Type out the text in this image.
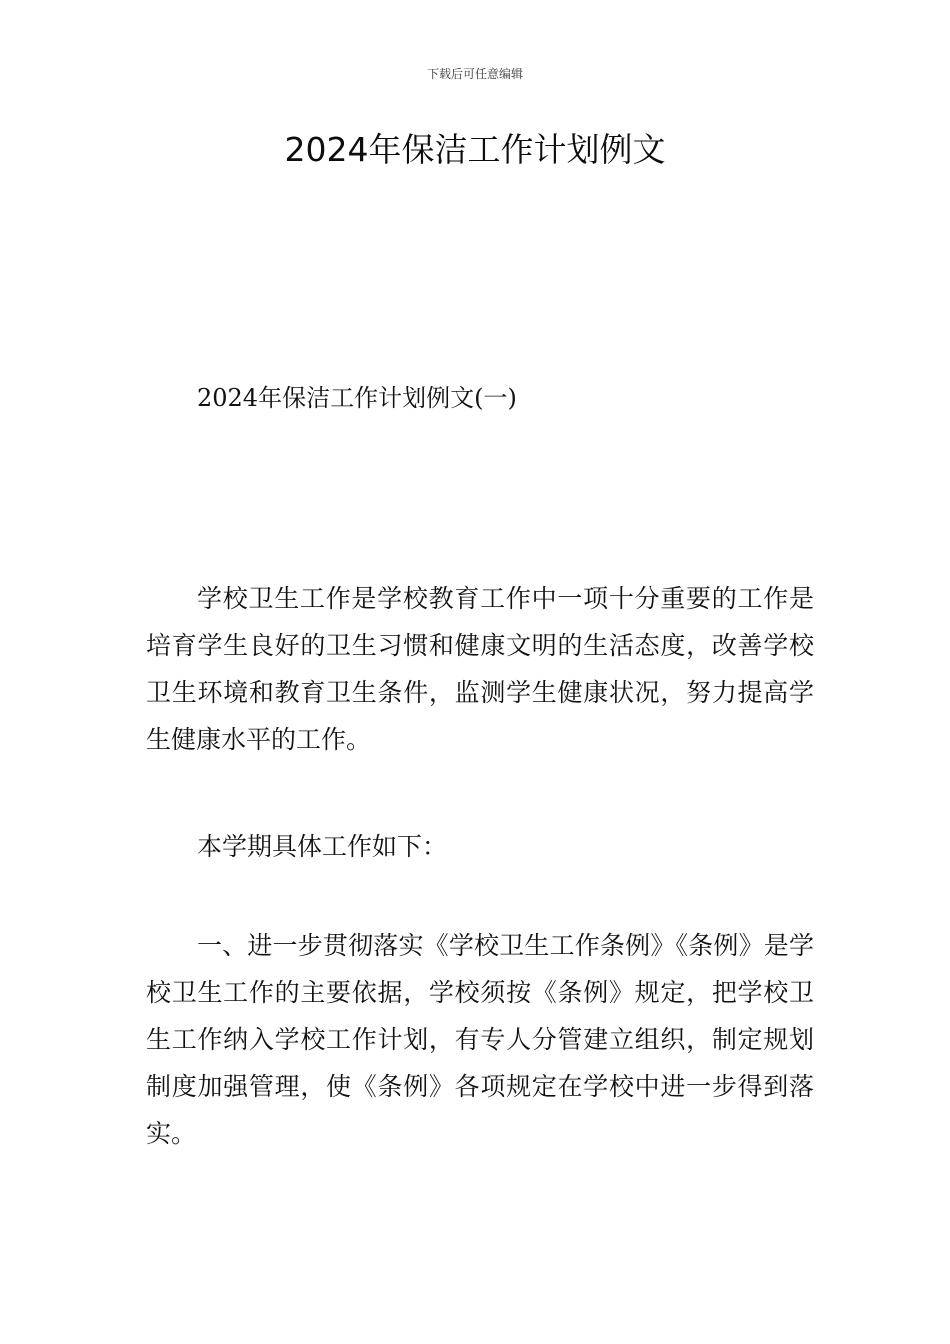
下载后可任意编辑
2024年保洁工作计划例文
2024年保洁工作计划例文(一)

学校卫生工作是学校教育工作中一项十分重要的工作是培育学生良好的卫生习惯和健康文明的生活态度，改善学校卫生环境和教育卫生条件，监测学生健康状况，努力提高学生健康水平的工作。

本学期具体工作如下：

一、进一步贯彻落实《学校卫生工作条例》《条例》是学校卫生工作的主要依据，学校须按《条例》规定，把学校卫生工作纳入学校工作计划，有专人分管建立组织，制定规划制度加强管理，使《条例》各项规定在学校中进一步得到落实。
